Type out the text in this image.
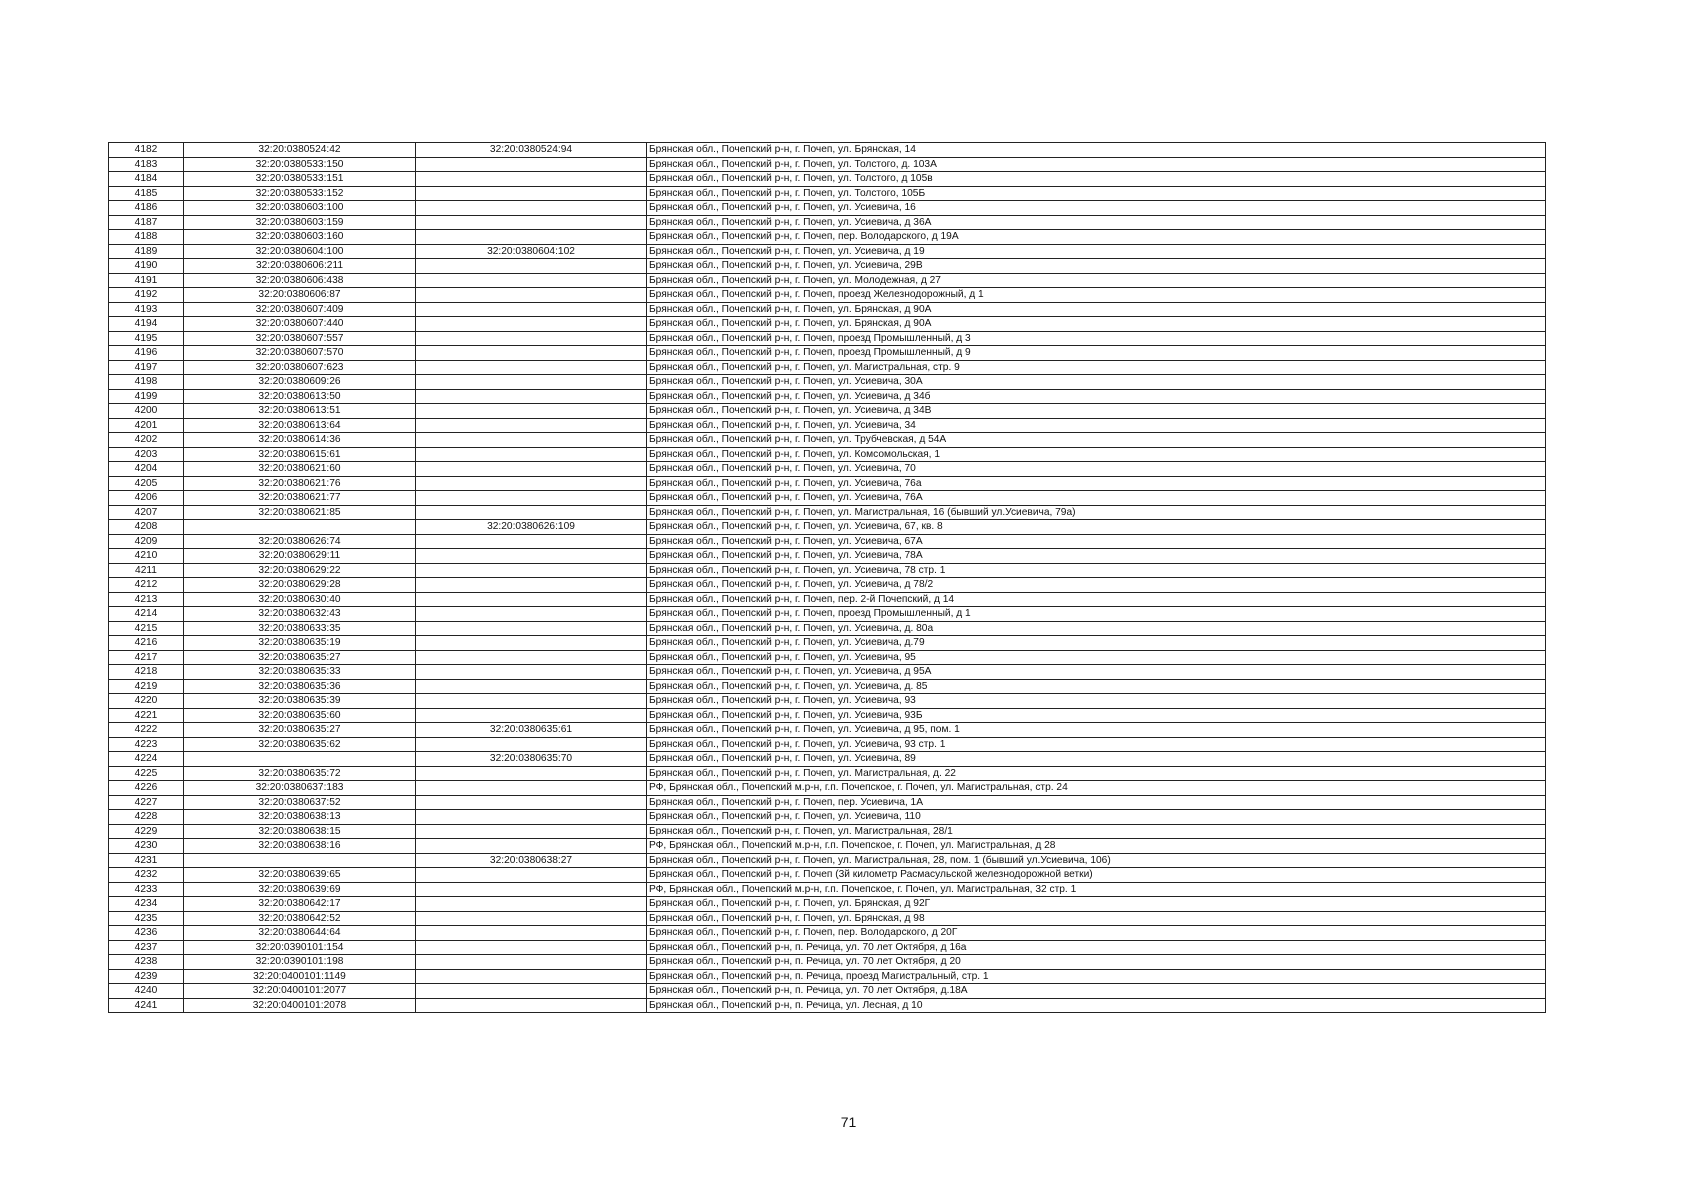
4182	32:20:0380524:42	32:20:0380524:94	Брянская обл., Почепский р-н, г. Почеп, ул. Брянская, 14
4183	32:20:0380533:150		Брянская обл., Почепский р-н, г. Почеп, ул. Толстого, д. 103А
4184	32:20:0380533:151		Брянская обл., Почепский р-н, г. Почеп, ул. Толстого, д 105в
4185	32:20:0380533:152		Брянская обл., Почепский р-н, г. Почеп, ул. Толстого, 105Б
4186	32:20:0380603:100		Брянская обл., Почепский р-н, г. Почеп, ул. Усиевича, 16
4187	32:20:0380603:159		Брянская обл., Почепский р-н, г. Почеп, ул. Усиевича, д 36А
4188	32:20:0380603:160		Брянская обл., Почепский р-н, г. Почеп, пер. Володарского, д 19А
4189	32:20:0380604:100	32:20:0380604:102	Брянская обл., Почепский р-н, г. Почеп, ул. Усиевича, д 19
4190	32:20:0380606:211		Брянская обл., Почепский р-н, г. Почеп, ул. Усиевича, 29В
4191	32:20:0380606:438		Брянская обл., Почепский р-н, г. Почеп, ул. Молодежная, д 27
4192	32:20:0380606:87		Брянская обл., Почепский р-н, г. Почеп, проезд Железнодорожный, д 1
4193	32:20:0380607:409		Брянская обл., Почепский р-н, г. Почеп, ул. Брянская, д 90А
4194	32:20:0380607:440		Брянская обл., Почепский р-н, г. Почеп, ул. Брянская, д 90А
4195	32:20:0380607:557		Брянская обл., Почепский р-н, г. Почеп, проезд Промышленный, д 3
4196	32:20:0380607:570		Брянская обл., Почепский р-н, г. Почеп, проезд Промышленный, д 9
4197	32:20:0380607:623		Брянская обл., Почепский р-н, г. Почеп, ул. Магистральная, стр. 9
4198	32:20:0380609:26		Брянская обл., Почепский р-н, г. Почеп, ул. Усиевича, 30А
4199	32:20:0380613:50		Брянская обл., Почепский р-н, г. Почеп, ул. Усиевича, д 34б
4200	32:20:0380613:51		Брянская обл., Почепский р-н, г. Почеп, ул. Усиевича, д 34В
4201	32:20:0380613:64		Брянская обл., Почепский р-н, г. Почеп, ул. Усиевича, 34
4202	32:20:0380614:36		Брянская обл., Почепский р-н, г. Почеп, ул. Трубчевская, д 54А
4203	32:20:0380615:61		Брянская обл., Почепский р-н, г. Почеп, ул. Комсомольская, 1
4204	32:20:0380621:60		Брянская обл., Почепский р-н, г. Почеп, ул. Усиевича, 70
4205	32:20:0380621:76		Брянская обл., Почепский р-н, г. Почеп, ул. Усиевича, 76а
4206	32:20:0380621:77		Брянская обл., Почепский р-н, г. Почеп, ул. Усиевича, 76А
4207	32:20:0380621:85		Брянская обл., Почепский р-н, г. Почеп, ул. Магистральная, 16 (бывший ул.Усиевича, 79а)
4208		32:20:0380626:109	Брянская обл., Почепский р-н, г. Почеп, ул. Усиевича, 67, кв. 8
4209	32:20:0380626:74		Брянская обл., Почепский р-н, г. Почеп, ул. Усиевича, 67А
4210	32:20:0380629:11		Брянская обл., Почепский р-н, г. Почеп, ул. Усиевича, 78А
4211	32:20:0380629:22		Брянская обл., Почепский р-н, г. Почеп, ул. Усиевича, 78 стр. 1
4212	32:20:0380629:28		Брянская обл., Почепский р-н, г. Почеп, ул. Усиевича, д 78/2
4213	32:20:0380630:40		Брянская обл., Почепский р-н, г. Почеп, пер. 2-й Почепский, д 14
4214	32:20:0380632:43		Брянская обл., Почепский р-н, г. Почеп, проезд Промышленный, д 1
4215	32:20:0380633:35		Брянская обл., Почепский р-н, г. Почеп, ул. Усиевича, д. 80а
4216	32:20:0380635:19		Брянская обл., Почепский р-н, г. Почеп, ул. Усиевича, д.79
4217	32:20:0380635:27		Брянская обл., Почепский р-н, г. Почеп, ул. Усиевича, 95
4218	32:20:0380635:33		Брянская обл., Почепский р-н, г. Почеп, ул. Усиевича, д 95А
4219	32:20:0380635:36		Брянская обл., Почепский р-н, г. Почеп, ул. Усиевича, д. 85
4220	32:20:0380635:39		Брянская обл., Почепский р-н, г. Почеп, ул. Усиевича, 93
4221	32:20:0380635:60		Брянская обл., Почепский р-н, г. Почеп, ул. Усиевича, 93Б
4222	32:20:0380635:27	32:20:0380635:61	Брянская обл., Почепский р-н, г. Почеп, ул. Усиевича, д 95, пом. 1
4223	32:20:0380635:62		Брянская обл., Почепский р-н, г. Почеп, ул. Усиевича, 93 стр. 1
4224		32:20:0380635:70	Брянская обл., Почепский р-н, г. Почеп, ул. Усиевича, 89
4225	32:20:0380635:72		Брянская обл., Почепский р-н, г. Почеп, ул. Магистральная, д. 22
4226	32:20:0380637:183		РФ, Брянская обл., Почепский м.р-н, г.п. Почепское, г. Почеп, ул. Магистральная, стр. 24
4227	32:20:0380637:52		Брянская обл., Почепский р-н, г. Почеп, пер. Усиевича, 1А
4228	32:20:0380638:13		Брянская обл., Почепский р-н, г. Почеп, ул. Усиевича, 110
4229	32:20:0380638:15		Брянская обл., Почепский р-н, г. Почеп, ул. Магистральная, 28/1
4230	32:20:0380638:16		РФ, Брянская обл., Почепский м.р-н, г.п. Почепское, г. Почеп, ул. Магистральная, д 28
4231		32:20:0380638:27	Брянская обл., Почепский р-н, г. Почеп, ул. Магистральная, 28, пом. 1 (бывший ул.Усиевича, 106)
4232	32:20:0380639:65		Брянская обл., Почепский р-н, г. Почеп (3й километр Расмасульской железнодорожной ветки)
4233	32:20:0380639:69		РФ, Брянская обл., Почепский м.р-н, г.п. Почепское, г. Почеп, ул. Магистральная, 32 стр. 1
4234	32:20:0380642:17		Брянская обл., Почепский р-н, г. Почеп, ул. Брянская, д 92Г
4235	32:20:0380642:52		Брянская обл., Почепский р-н, г. Почеп, ул. Брянская, д 98
4236	32:20:0380644:64		Брянская обл., Почепский р-н, г. Почеп, пер. Володарского, д 20Г
4237	32:20:0390101:154		Брянская обл., Почепский р-н, п. Речица, ул. 70 лет Октября, д 16а
4238	32:20:0390101:198		Брянская обл., Почепский р-н, п. Речица, ул. 70 лет Октября, д 20
4239	32:20:0400101:1149		Брянская обл., Почепский р-н, п. Речица, проезд Магистральный, стр. 1
4240	32:20:0400101:2077		Брянская обл., Почепский р-н, п. Речица, ул. 70 лет Октября, д.18А
4241	32:20:0400101:2078		Брянская обл., Почепский р-н, п. Речица, ул. Лесная, д 10
71
